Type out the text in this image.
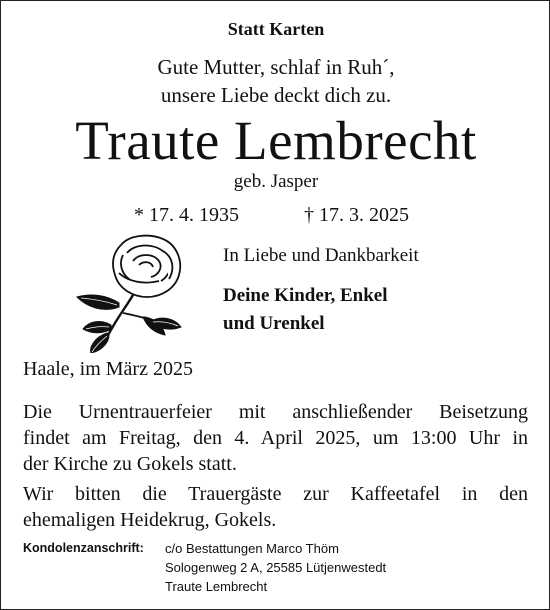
Statt Karten
Gute Mutter, schlaf in Ruh´,
unsere Liebe deckt dich zu.
Traute Lembrecht
geb. Jasper
* 17. 4. 1935	† 17. 3. 2025
In Liebe und Dankbarkeit
Deine Kinder, Enkel
und Urenkel
Haale, im März 2025
Die Urnentrauerfeier mit anschließender Beisetzung
findet am Freitag, den 4. April 2025, um 13:00 Uhr in
der Kirche zu Gokels statt.
Wir bitten die Trauergäste zur Kaffeetafel in den
ehemaligen Heidekrug, Gokels.
Kondolenzanschrift: c/o Bestattungen Marco Thöm
Sologenweg 2 A, 25585 Lütjenwestedt
Traute Lembrecht
